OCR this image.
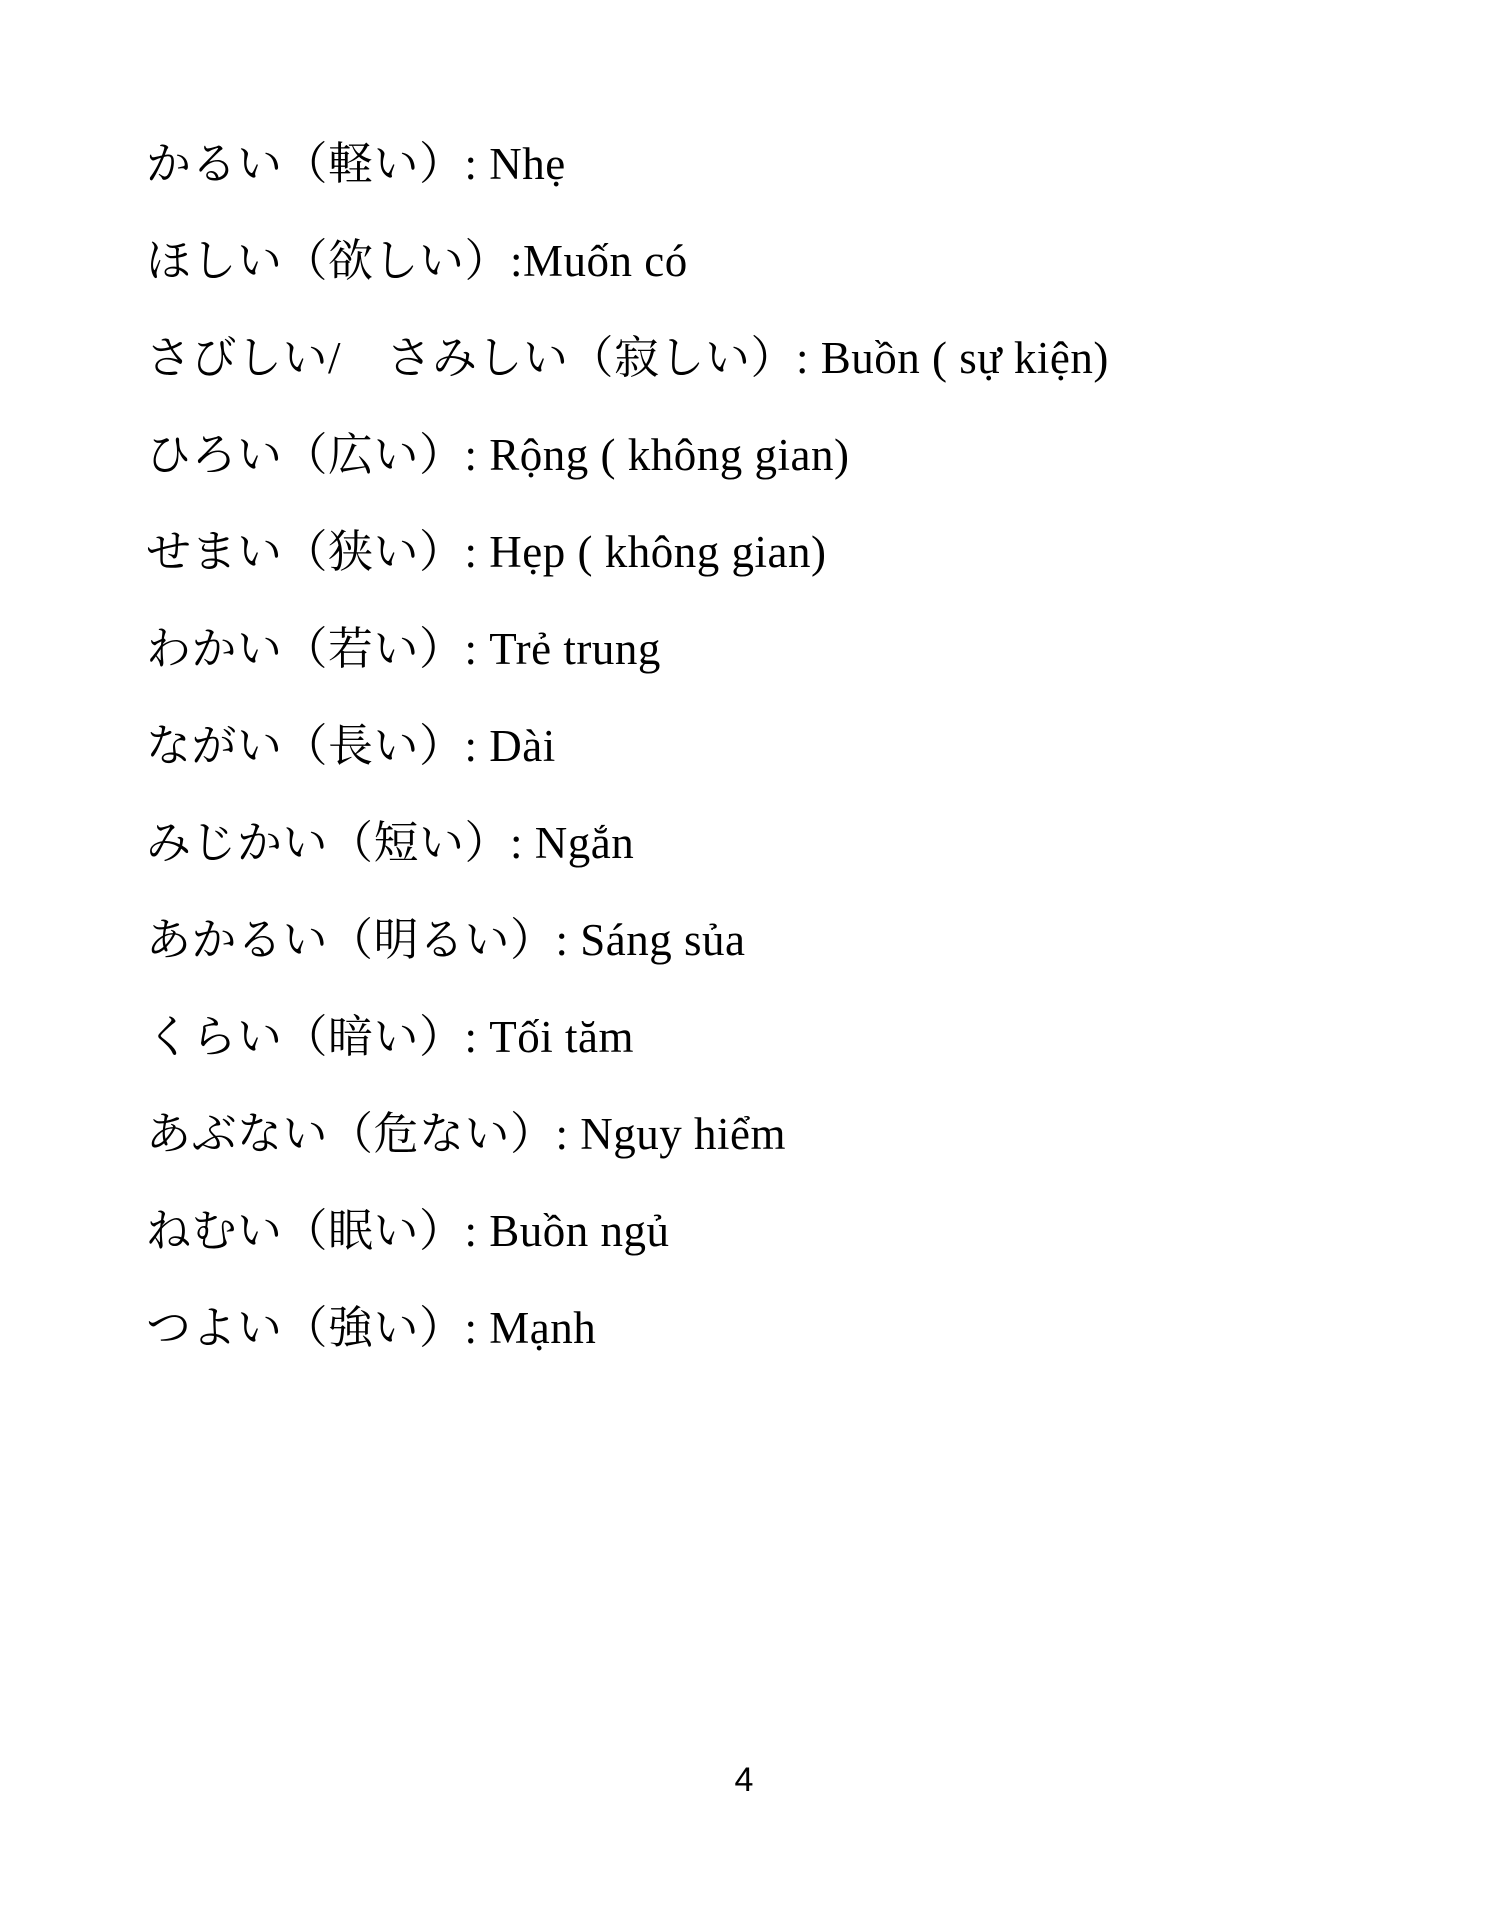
かるい（軽い）: Nhẹ
ほしい（欲しい）:Muốn có
さびしい/　さみしい（寂しい）: Buồn ( sự kiện)
ひろい（広い）: Rộng ( không gian)
せまい（狭い）: Hẹp ( không gian)
わかい（若い）: Trẻ trung
ながい（長い）: Dài
みじかい（短い）: Ngắn
あかるい（明るい）: Sáng sủa
くらい（暗い）: Tối tăm
あぶない（危ない）: Nguy hiểm
ねむい（眠い）: Buồn ngủ
つよい（強い）: Mạnh
4
